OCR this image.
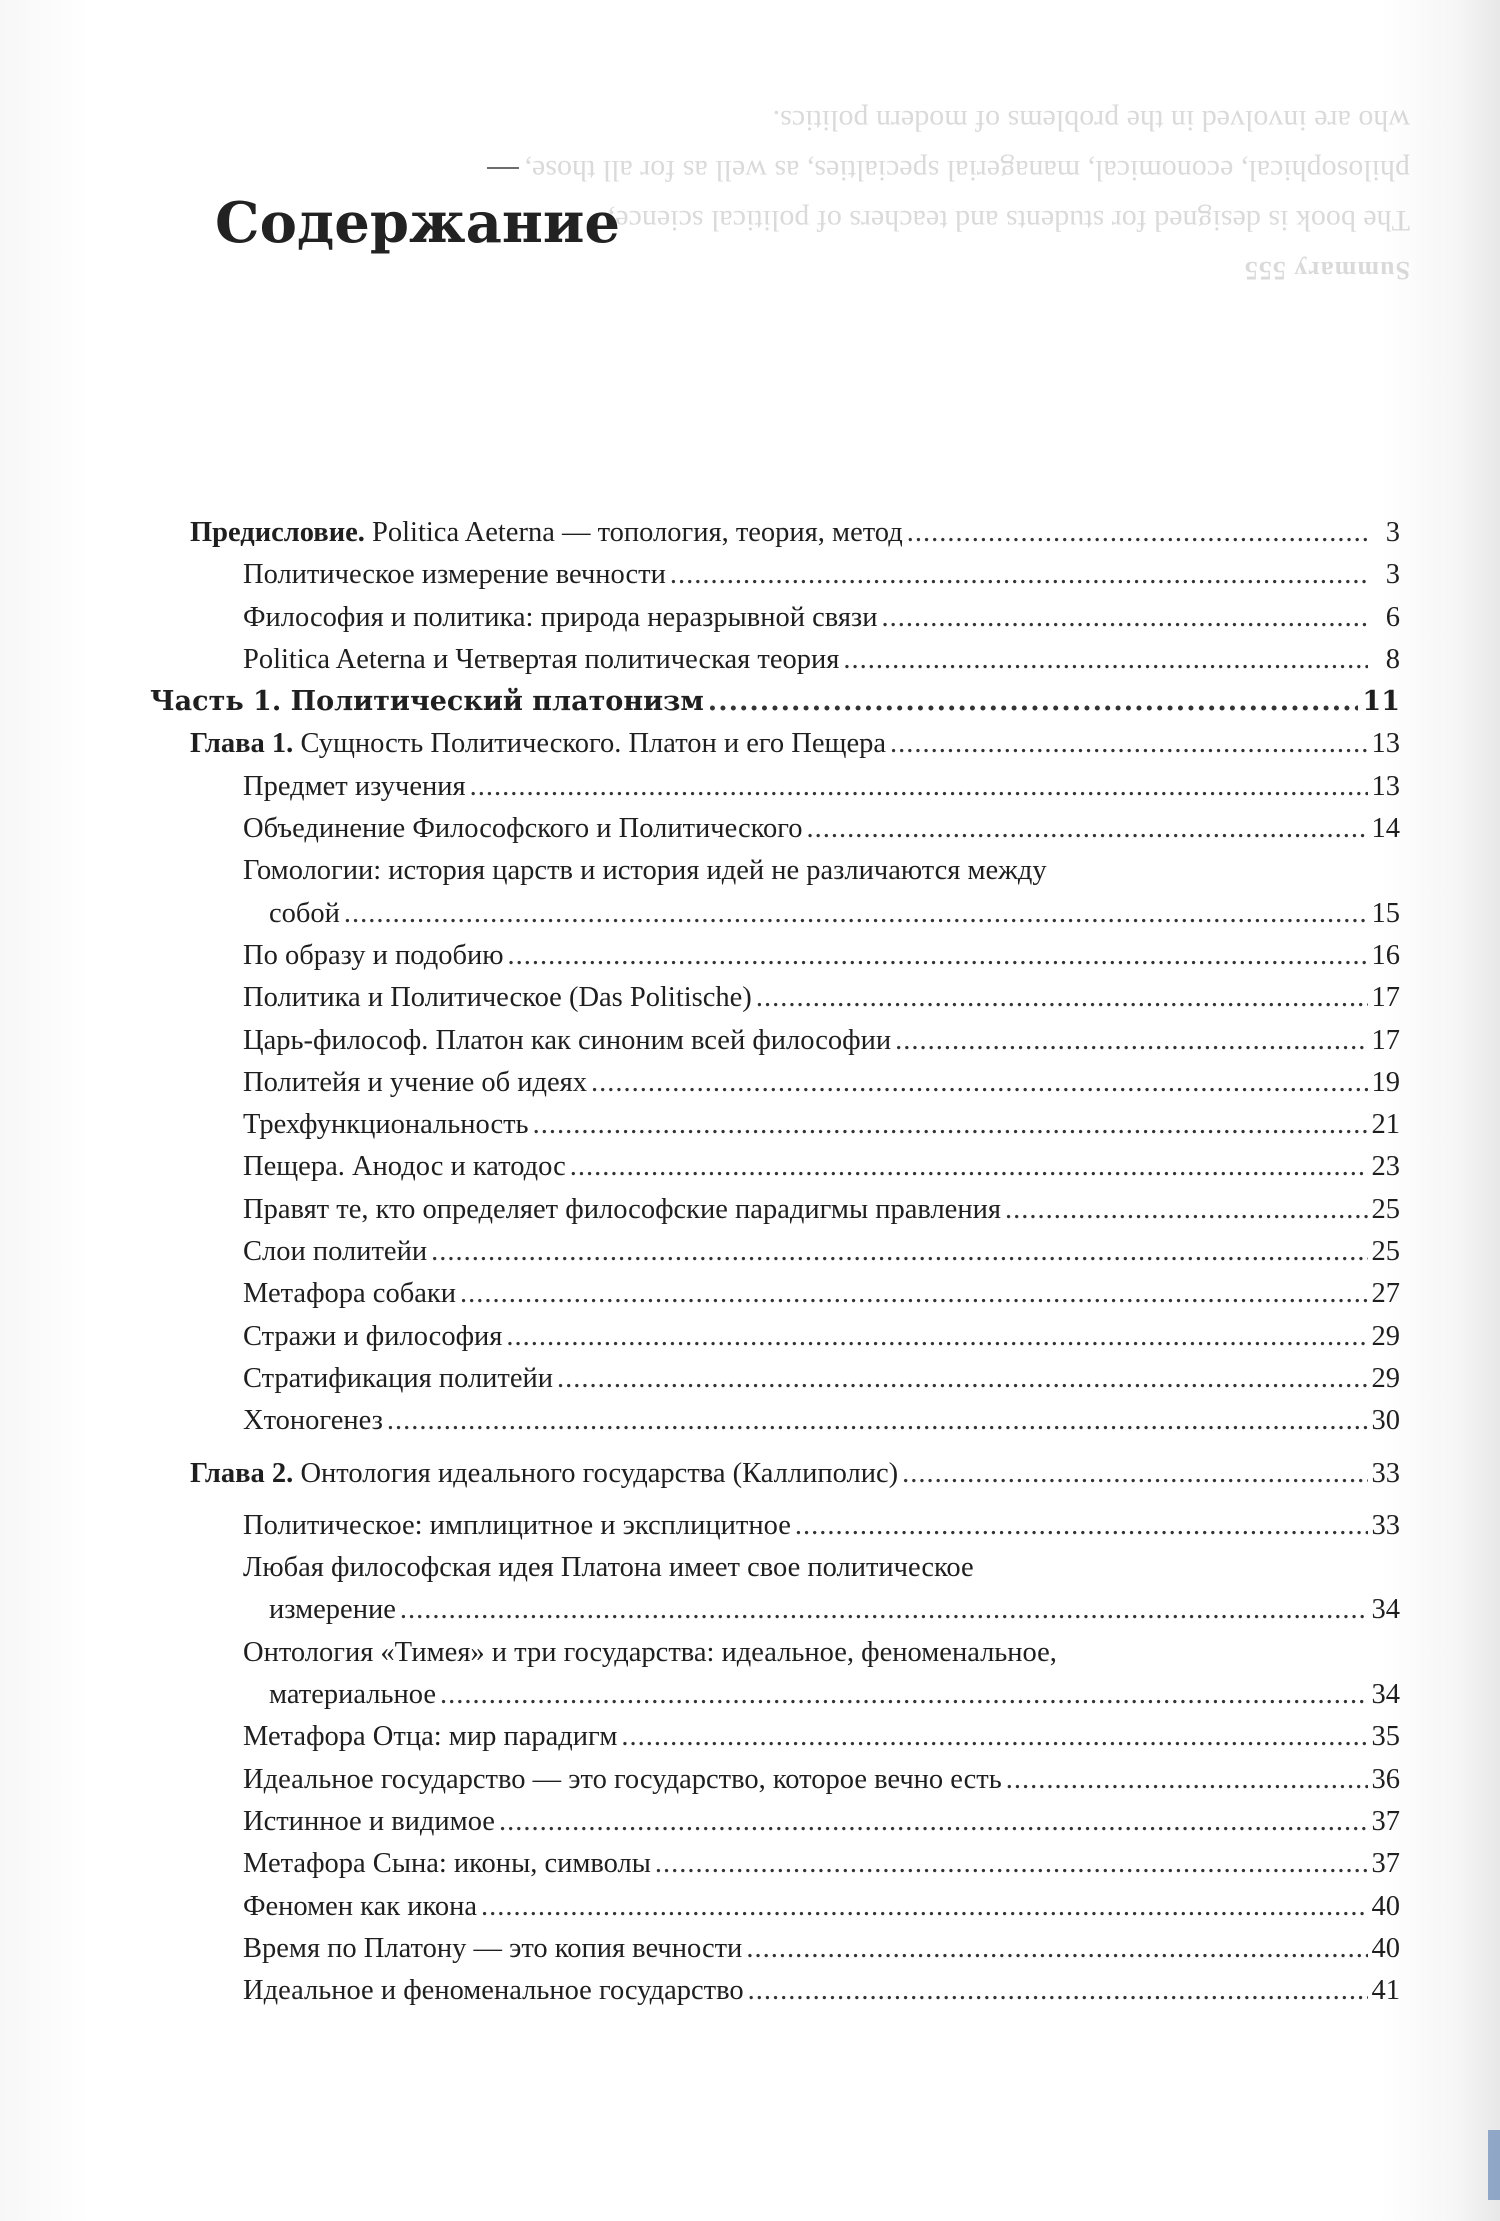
Summary 555
The book is designed for students and teachers of political science,
philosophical, economical, managerial specialties, as well as for all those,
who are involved in the problems of modern politics.
Содержание
Предисловие. Politica Aeterna — топология, теория, метод .....	3
Политическое измерение вечности .....	3
Философия и политика: природа неразрывной связи .....	6
Politica Aeterna и Четвертая политическая теория .....	8
Часть 1. Политический платонизм .....	11
Глава 1. Сущность Политического. Платон и его Пещера .....	13
Предмет изучения .....	13
Объединение Философского и Политического .....	14
Гомологии: история царств и история идей не различаются между
собой .....	15
По образу и подобию .....	16
Политика и Политическое (Das Politische) .....	17
Царь-философ. Платон как синоним всей философии .....	17
Политейя и учение об идеях .....	19
Трехфункциональность .....	21
Пещера. Анодос и катодос .....	23
Правят те, кто определяет философские парадигмы правления .....	25
Слои политейи .....	25
Метафора собаки .....	27
Стражи и философия .....	29
Стратификация политейи .....	29
Хтоногенез .....	30
Глава 2. Онтология идеального государства (Каллиполис) .....	33
Политическое: имплицитное и эксплицитное .....	33
Любая философская идея Платона имеет свое политическое
измерение .....	34
Онтология «Тимея» и три государства: идеальное, феноменальное,
материальное .....	34
Метафора Отца: мир парадигм .....	35
Идеальное государство — это государство, которое вечно есть .....	36
Истинное и видимое .....	37
Метафора Сына: иконы, символы .....	37
Феномен как икона .....	40
Время по Платону — это копия вечности .....	40
Идеальное и феноменальное государство .....	41
